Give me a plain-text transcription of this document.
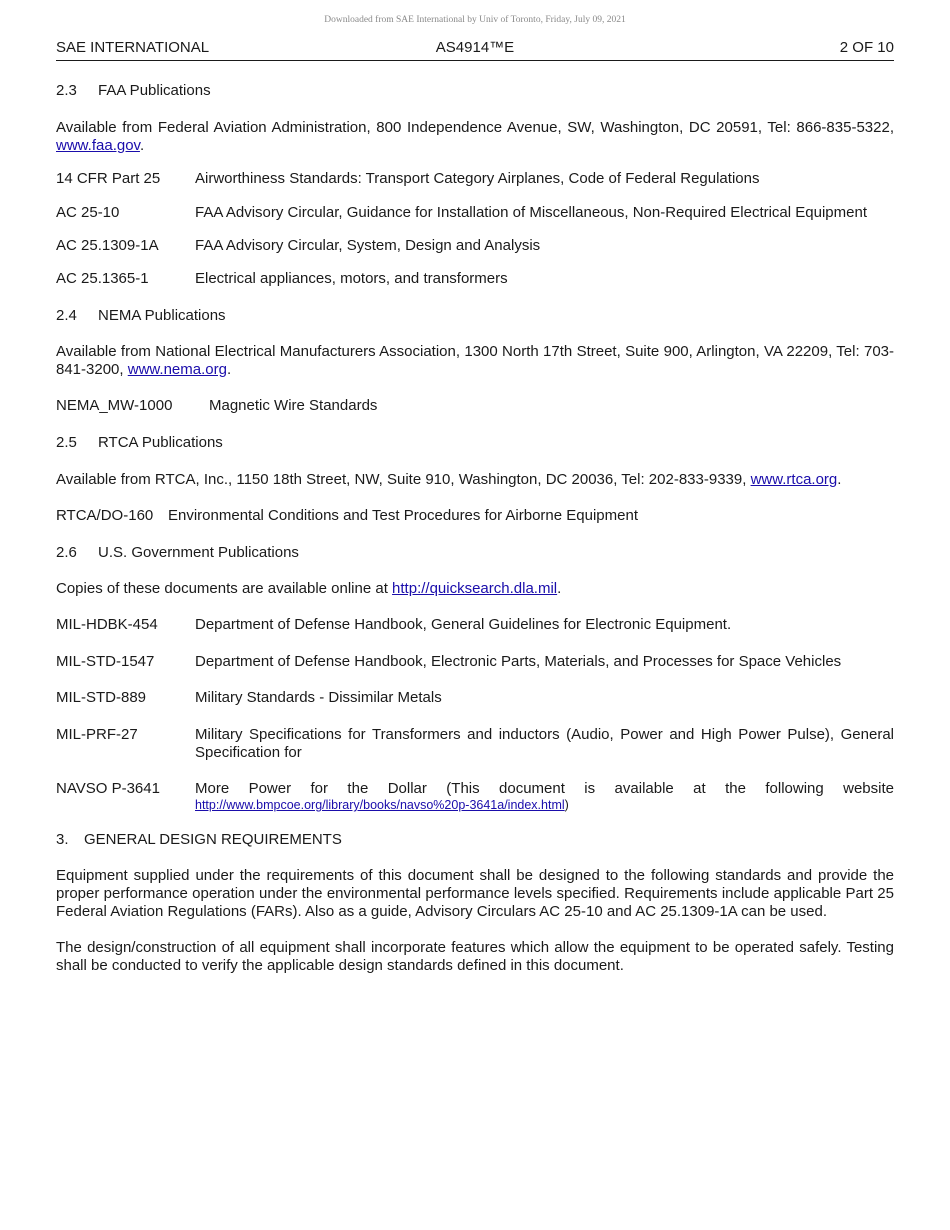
Downloaded from SAE International by Univ of Toronto, Friday, July 09, 2021
AS4914™E
SAE INTERNATIONAL	2 OF 10

2.3 FAA Publications

Available from Federal Aviation Administration, 800 Independence Avenue, SW, Washington, DC 20591, Tel: 866-835-5322, www.faa.gov.

14 CFR Part 25	Airworthiness Standards: Transport Category Airplanes, Code of Federal Regulations

AC 25-10	FAA Advisory Circular, Guidance for Installation of Miscellaneous, Non-Required Electrical Equipment

AC 25.1309-1A	FAA Advisory Circular, System, Design and Analysis

AC 25.1365-1	Electrical appliances, motors, and transformers

2.4 NEMA Publications

Available from National Electrical Manufacturers Association, 1300 North 17th Street, Suite 900, Arlington, VA 22209, Tel: 703-841-3200, www.nema.org.

NEMA_MW-1000	Magnetic Wire Standards

2.5 RTCA Publications

Available from RTCA, Inc., 1150 18th Street, NW, Suite 910, Washington, DC 20036, Tel: 202-833-9339, www.rtca.org.

RTCA/DO-160 Environmental Conditions and Test Procedures for Airborne Equipment

2.6 U.S. Government Publications

Copies of these documents are available online at http://quicksearch.dla.mil.

MIL-HDBK-454	Department of Defense Handbook, General Guidelines for Electronic Equipment.

MIL-STD-1547	Department of Defense Handbook, Electronic Parts, Materials, and Processes for Space Vehicles

MIL-STD-889	Military Standards - Dissimilar Metals

MIL-PRF-27	Military Specifications for Transformers and inductors (Audio, Power and High Power Pulse), General Specification for

NAVSO P-3641	More Power for the Dollar (This document is available at the following website
http://www.bmpcoe.org/library/books/navso%20p-3641a/index.html)

3. GENERAL DESIGN REQUIREMENTS

Equipment supplied under the requirements of this document shall be designed to the following standards and provide the proper performance operation under the environmental performance levels specified. Requirements include applicable Part 25 Federal Aviation Regulations (FARs). Also as a guide, Advisory Circulars AC 25-10 and AC 25.1309-1A can be used.

The design/construction of all equipment shall incorporate features which allow the equipment to be operated safely. Testing shall be conducted to verify the applicable design standards defined in this document.
